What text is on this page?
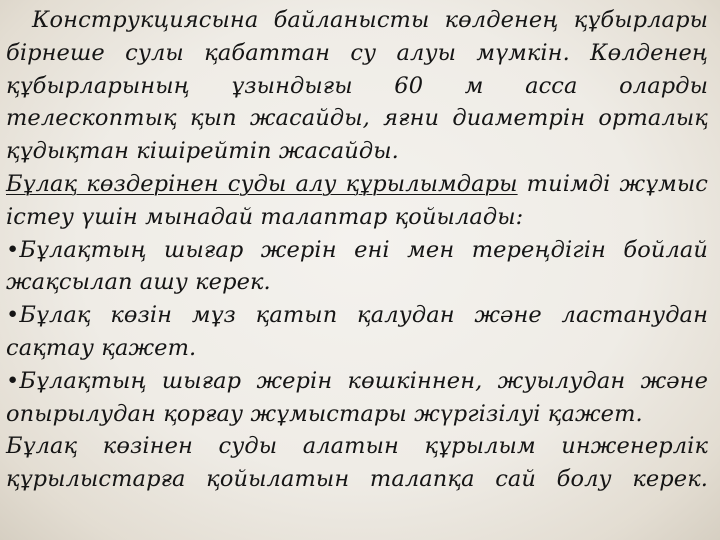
Конструкциясына байланысты көлденең құбырлары бірнеше сулы қабаттан су алуы мүмкін. Көлденең құбырларының ұзындығы 60 м асса оларды телескоптық қып жасайды, яғни диаметрін орталық құдықтан кішірейтіп жасайды.

Бұлақ көздерінен суды алу құрылымдары тиімді жұмыс істеу үшін мынадай талаптар қойылады:

•Бұлақтың шығар жерін ені мен тереңдігін бойлай жақсылап ашу керек.

•Бұлақ көзін мұз қатып қалудан және ластанудан сақтау қажет.

•Бұлақтың шығар жерін көшкіннен, жуылудан және опырылудан қорғау жұмыстары жүргізілуі қажет.

Бұлақ көзінен суды алатын құрылым инженерлік құрылыстарға қойылатын талапқа сай болу керек.
